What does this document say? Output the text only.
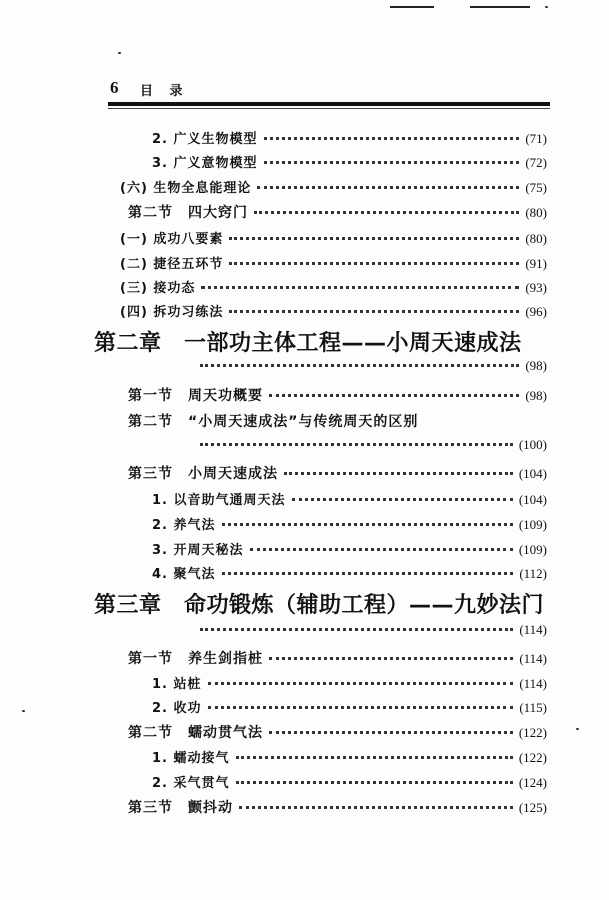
6 目 录
2. 广义生物模型	(71)
3. 广义意物模型	(72)
(六) 生物全息能理论	(75)
第二节　四大窍门	(80)
(一) 成功八要素	(80)
(二) 捷径五环节	(91)
(三) 接功态	(93)
(四) 拆功习练法	(96)
第二章　一部功主体工程——小周天速成法
(98)
第一节　周天功概要	(98)
第二节　“小周天速成法”与传统周天的区别
(100)
第三节　小周天速成法	(104)
1. 以音助气通周天法	(104)
2. 养气法	(109)
3. 开周天秘法	(109)
4. 聚气法	(112)
第三章　命功锻炼（辅助工程）——九妙法门
(114)
第一节　养生剑指桩	(114)
1. 站桩	(114)
2. 收功	(115)
第二节　蠕动贯气法	(122)
1. 蠕动接气	(122)
2. 采气贯气	(124)
第三节　颤抖动	(125)
